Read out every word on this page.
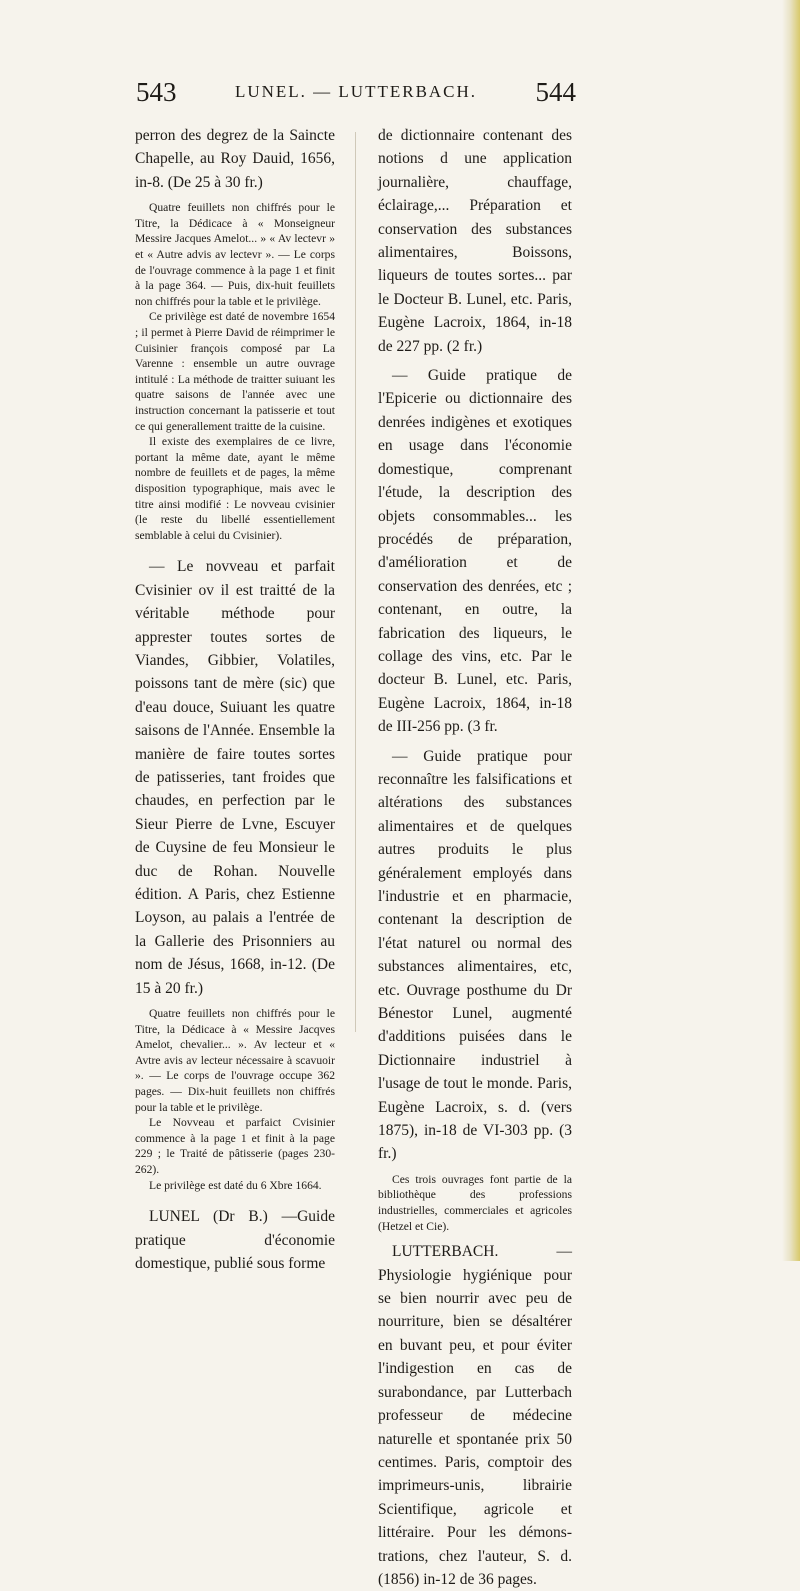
543	LUNEL. — LUTTERBACH.	544

perron des degrez de la Saincte Chapelle, au Roy Dauid, 1656, in-8. (De 25 à 30 fr.)

Quatre feuillets non chiffrés pour le Titre, la Dédicace à « Monseigneur Messire Jacques Amelot... » « Av lectevr » et « Autre advis av lectevr ». — Le corps de l'ouvrage commence à la page 1 et finit à la page 364. — Puis, dix-huit feuillets non chiffrés pour la table et le privilège.

Ce privilège est daté de novembre 1654 ; il permet à Pierre David de réimprimer le Cuisinier françois composé par La Varenne : ensemble un autre ouvrage intitulé : La méthode de traitter suiuant les quatre saisons de l'année avec une instruction concernant la patisserie et tout ce qui generallement traitte de la cuisine.

Il existe des exemplaires de ce livre, portant la même date, ayant le même nombre de feuillets et de pages, la même disposition typographique, mais avec le titre ainsi modifié : Le novveau cvisinier (le reste du libellé essentiellement semblable à celui du Cvisinier).

— Le novveau et parfait Cvisinier ov il est traitté de la véritable méthode pour apprester toutes sortes de Viandes, Gibbier, Volatiles, poissons tant de mère (sic) que d'eau douce, Suiuant les quatre saisons de l'Année. Ensemble la manière de faire toutes sortes de patisseries, tant froides que chaudes, en perfection par le Sieur Pierre de Lvne, Escuyer de Cuysine de feu Monsieur le duc de Rohan. Nouvelle édition. A Paris, chez Estienne Loyson, au palais a l'entrée de la Gallerie des Prisonniers au nom de Jésus, 1668, in-12. (De 15 à 20 fr.)

Quatre feuillets non chiffrés pour le Titre, la Dédicace à « Messire Jacqves Amelot, chevalier... ». Av lecteur et « Avtre avis av lecteur nécessaire à scavuoir ». — Le corps de l'ouvrage occupe 362 pages. — Dix-huit feuillets non chiffrés pour la table et le privilège.

Le Novveau et parfaict Cvisinier commence à la page 1 et finit à la page 229 ; le Traité de pâtisserie (pages 230-262).

Le privilège est daté du 6 Xbre 1664.

LUNEL (Dr B.) —Guide pratique d'économie domestique, publié sous forme

de dictionnaire contenant des notions d une application journalière, chauffage, éclairage,... Préparation et conservation des substances alimentaires, Boissons, liqueurs de toutes sortes... par le Docteur B. Lunel, etc. Paris, Eugène Lacroix, 1864, in-18 de 227 pp. (2 fr.)

— Guide pratique de l'Epicerie ou dictionnaire des denrées indigènes et exotiques en usage dans l'économie domestique, comprenant l'étude, la description des objets consommables... les procédés de préparation, d'amélioration et de conservation des denrées, etc ; contenant, en outre, la fabrication des liqueurs, le collage des vins, etc. Par le docteur B. Lunel, etc. Paris, Eugène Lacroix, 1864, in-18 de III-256 pp. (3 fr.

— Guide pratique pour reconnaître les falsifications et altérations des substances alimentaires et de quelques autres produits le plus généralement employés dans l'industrie et en pharmacie, contenant la description de l'état naturel ou normal des substances alimentaires, etc, etc. Ouvrage posthume du Dr Bénestor Lunel, augmenté d'additions puisées dans le Dictionnaire industriel à l'usage de tout le monde. Paris, Eugène Lacroix, s. d. (vers 1875), in-18 de VI-303 pp. (3 fr.)

Ces trois ouvrages font partie de la bibliothèque des professions industrielles, commerciales et agricoles (Hetzel et Cie).

LUTTERBACH. — Physiologie hygiénique pour se bien nourrir avec peu de nourriture, bien se désaltérer en buvant peu, et pour éviter l'indigestion en cas de surabondance, par Lutterbach professeur de médecine naturelle et spontanée prix 50 centimes. Paris, comptoir des imprimeurs-unis, librairie Scientifique, agricole et littéraire. Pour les démons-trations, chez l'auteur, S. d. (1856) in-12 de 36 pages.
